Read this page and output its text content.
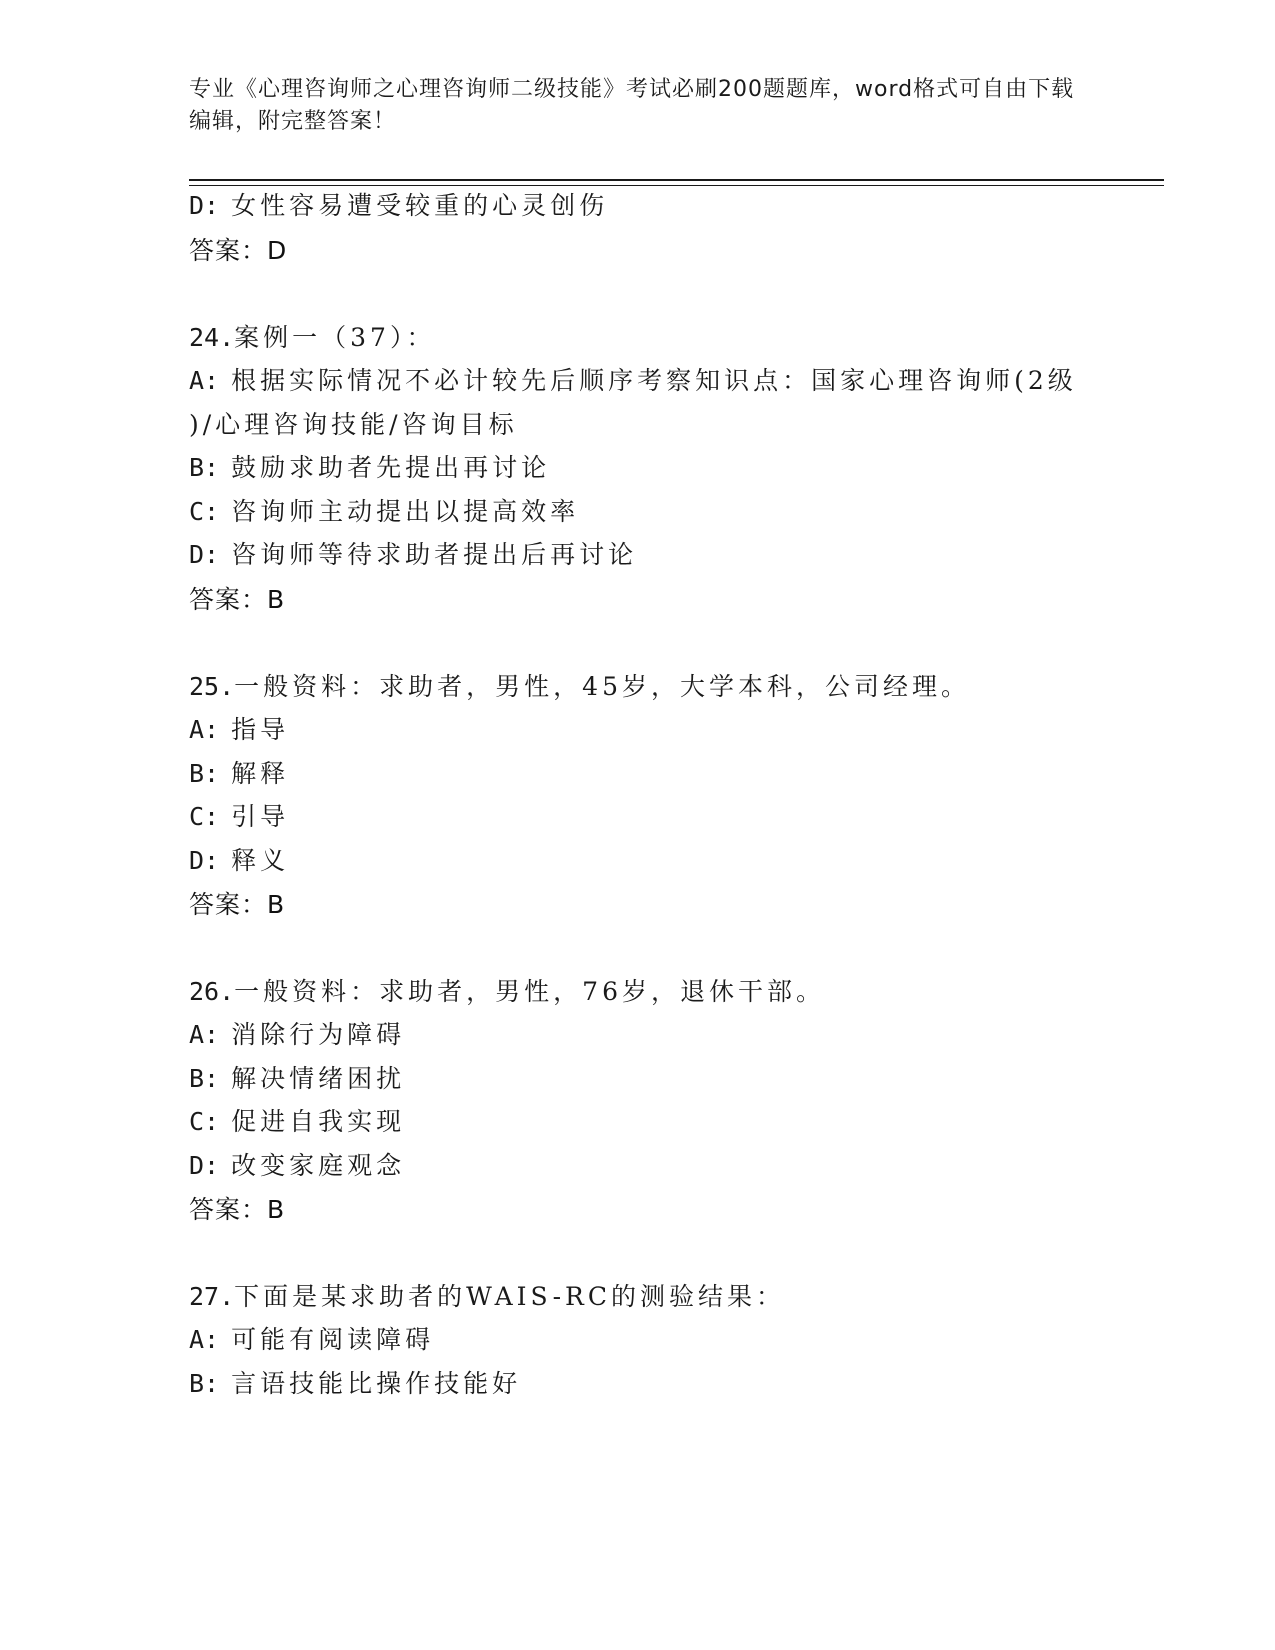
专业《心理咨询师之心理咨询师二级技能》考试必刷200题题库，word格式可自由下载编辑，附完整答案！
D: 女性容易遭受较重的心灵创伤
答案：D
24.案例一（37）：
A: 根据实际情况不必计较先后顺序考察知识点：国家心理咨询师(2级
)/心理咨询技能/咨询目标
B: 鼓励求助者先提出再讨论
C: 咨询师主动提出以提高效率
D: 咨询师等待求助者提出后再讨论
答案：B
25.一般资料：求助者，男性，45岁，大学本科，公司经理。
A: 指导
B: 解释
C: 引导
D: 释义
答案：B
26.一般资料：求助者，男性，76岁，退休干部。
A: 消除行为障碍
B: 解决情绪困扰
C: 促进自我实现
D: 改变家庭观念
答案：B
27.下面是某求助者的WAIS-RC的测验结果：
A: 可能有阅读障碍
B: 言语技能比操作技能好
